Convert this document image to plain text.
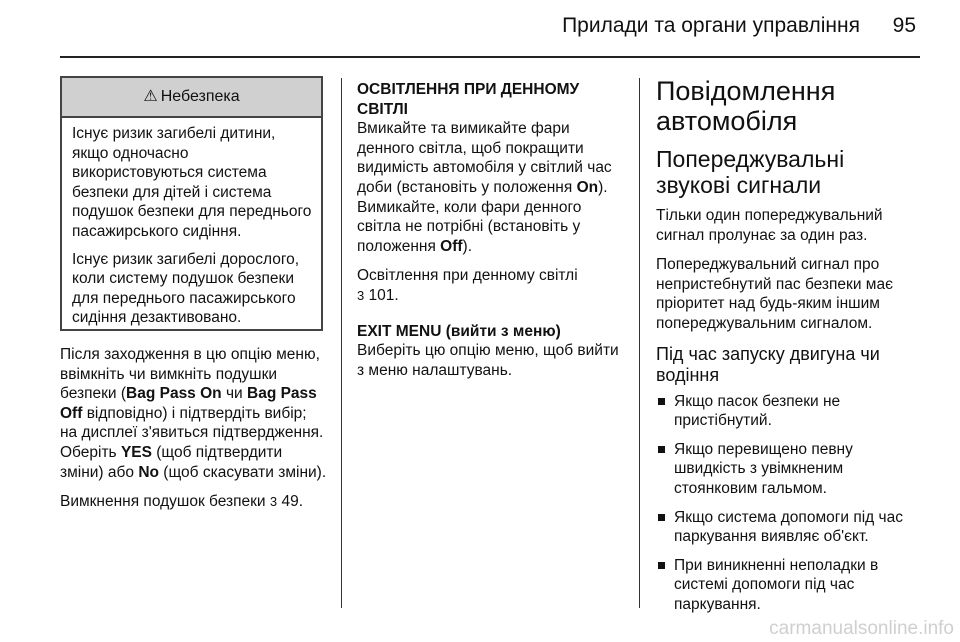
Прилади та органи управління	95
⚠ Небезпека

Існує ризик загибелі дитини, якщо одночасно використовуються система безпеки для дітей і система подушок безпеки для переднього пасажирського сидіння.

Існує ризик загибелі дорослого, коли систему подушок безпеки для переднього пасажирського сидіння дезактивовано.

Після заходження в цю опцію меню, ввімкніть чи вимкніть подушки безпеки (Bag Pass On чи Bag Pass Off відповідно) і підтвердіть вибір; на дисплеї з'явиться підтвердження. Оберіть YES (щоб підтвердити зміни) або No (щоб скасувати зміни).

Вимкнення подушок безпеки 3 49.

ОСВІТЛЕННЯ ПРИ ДЕННОМУ СВІТЛІ

Вмикайте та вимикайте фари денного світла, щоб покращити видимість автомобіля у світлий час доби (встановіть у положення On). Вимикайте, коли фари денного світла не потрібні (встановіть у положення Off).

Освітлення при денному світлі
3 101.

EXIT MENU (вийти з меню)

Виберіть цю опцію меню, щоб вийти з меню налаштувань.

Повідомлення автомобіля
Попереджувальні звукові сигнали

Тільки один попереджувальний сигнал пролунає за один раз.

Попереджувальний сигнал про непристебнутий пас безпеки має пріоритет над будь-яким іншим попереджувальним сигналом.

Під час запуску двигуна чи водіння
Якщо пасок безпеки не пристібнутий.
Якщо перевищено певну швидкість з увімкненим стоянковим гальмом.
Якщо система допомоги під час паркування виявляє об'єкт.
При виникненні неполадки в системі допомоги під час паркування.
carmanualsonline.info
